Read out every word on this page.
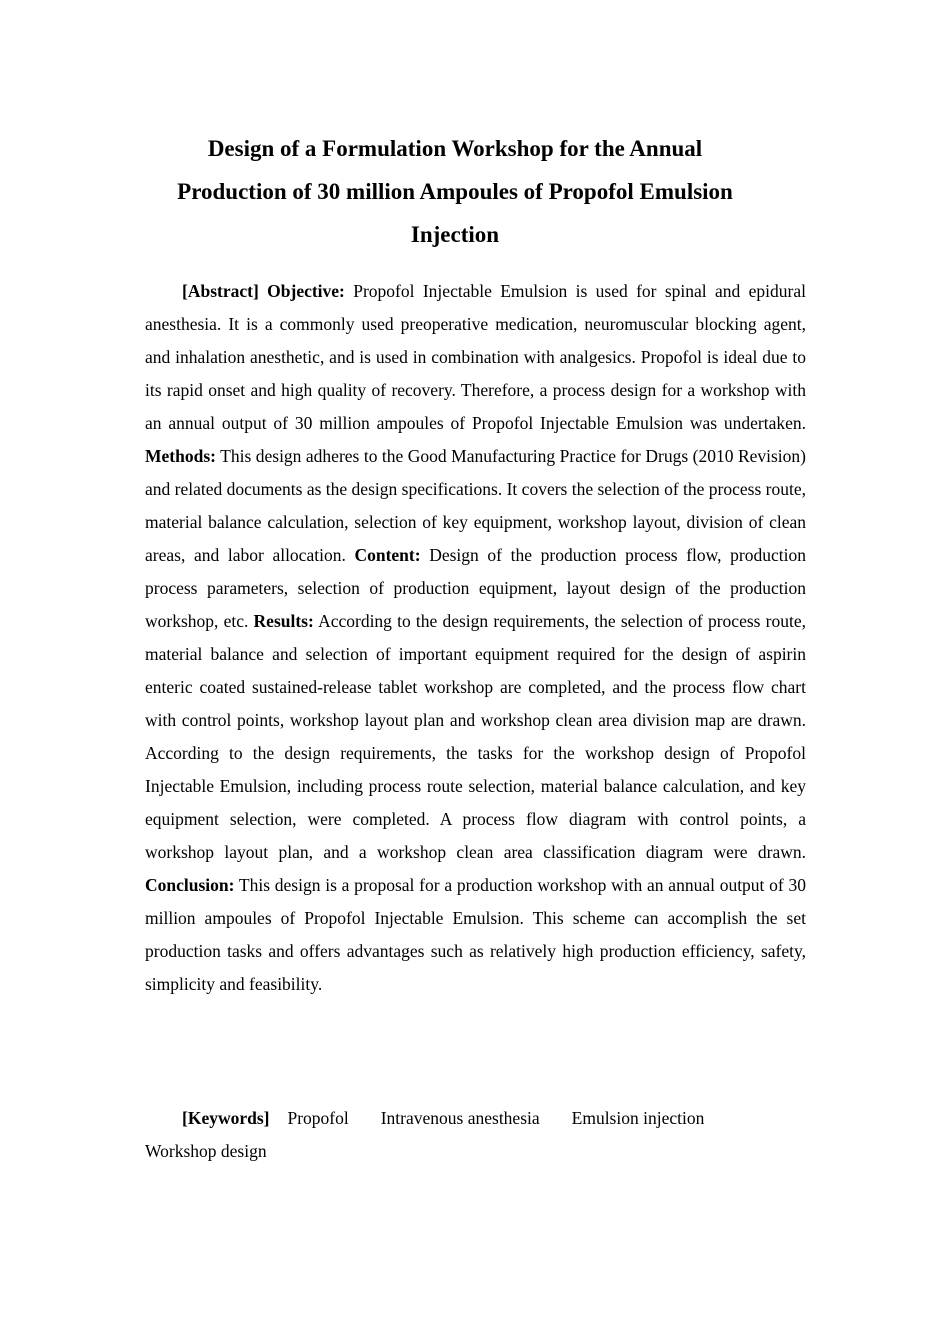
Design of a Formulation Workshop for the Annual
Production of 30 million Ampoules of Propofol Emulsion
Injection

[Abstract] Objective: Propofol Injectable Emulsion is used for spinal and epidural anesthesia. It is a commonly used preoperative medication, neuromuscular blocking agent, and inhalation anesthetic, and is used in combination with analgesics. Propofol is ideal due to its rapid onset and high quality of recovery. Therefore, a process design for a workshop with an annual output of 30 million ampoules of Propofol Injectable Emulsion was undertaken. Methods: This design adheres to the Good Manufacturing Practice for Drugs (2010 Revision) and related documents as the design specifications. It covers the selection of the process route, material balance calculation, selection of key equipment, workshop layout, division of clean areas, and labor allocation. Content: Design of the production process flow, production process parameters, selection of production equipment, layout design of the production workshop, etc. Results: According to the design requirements, the selection of process route, material balance and selection of important equipment required for the design of aspirin enteric coated sustained-release tablet workshop are completed, and the process flow chart with control points, workshop layout plan and workshop clean area division map are drawn. According to the design requirements, the tasks for the workshop design of Propofol Injectable Emulsion, including process route selection, material balance calculation, and key equipment selection, were completed. A process flow diagram with control points, a workshop layout plan, and a workshop clean area classification diagram were drawn. Conclusion: This design is a proposal for a production workshop with an annual output of 30 million ampoules of Propofol Injectable Emulsion. This scheme can accomplish the set production tasks and offers advantages such as relatively high production efficiency, safety, simplicity and feasibility.

[Keywords] Propofol Intravenous anesthesia Emulsion injection Workshop design
